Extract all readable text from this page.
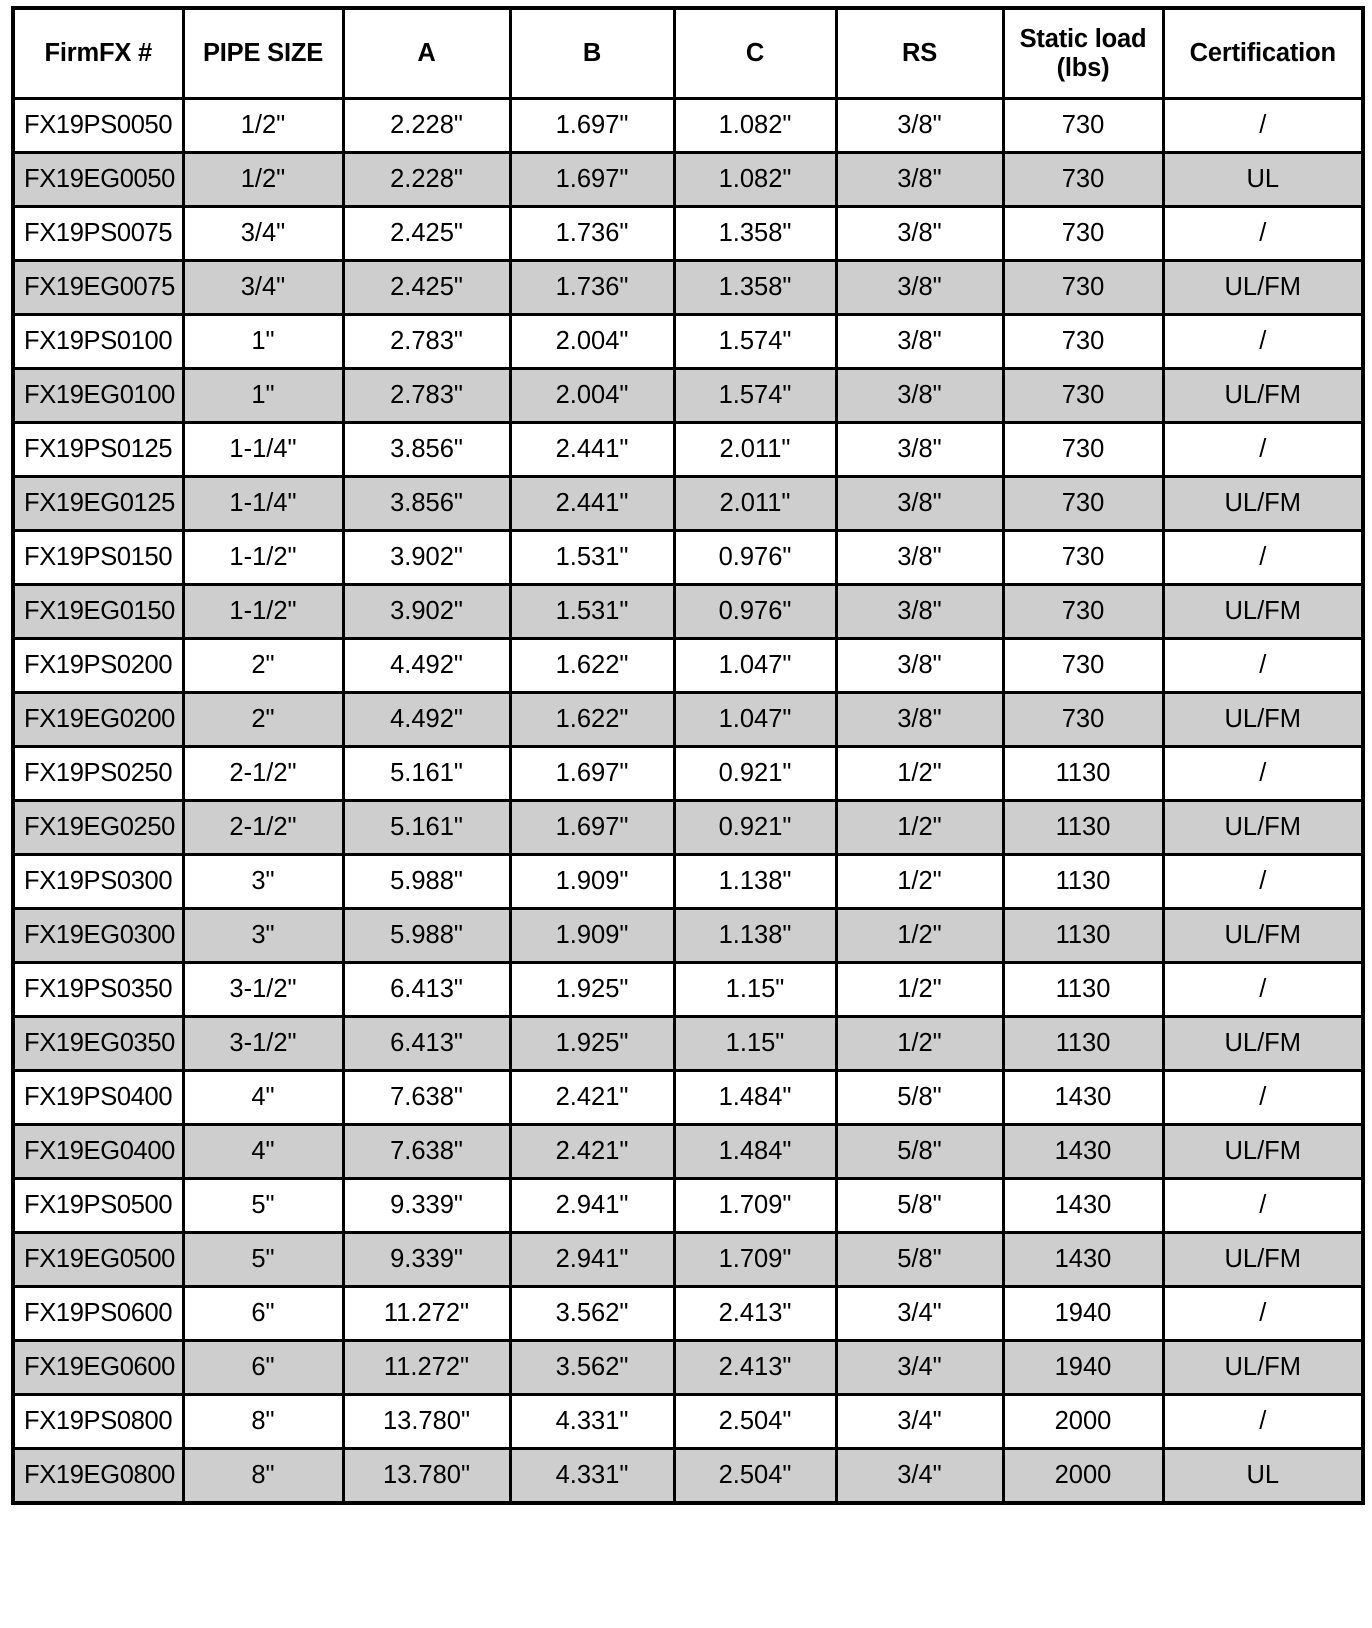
FirmFX #	PIPE SIZE	A	B	C	RS	Static load
(lbs)	Certification
FX19PS0050	1/2"	2.228"	1.697"	1.082"	3/8"	730	/
FX19EG0050	1/2"	2.228"	1.697"	1.082"	3/8"	730	UL
FX19PS0075	3/4"	2.425"	1.736"	1.358"	3/8"	730	/
FX19EG0075	3/4"	2.425"	1.736"	1.358"	3/8"	730	UL/FM
FX19PS0100	1"	2.783"	2.004"	1.574"	3/8"	730	/
FX19EG0100	1"	2.783"	2.004"	1.574"	3/8"	730	UL/FM
FX19PS0125	1-1/4"	3.856"	2.441"	2.011"	3/8"	730	/
FX19EG0125	1-1/4"	3.856"	2.441"	2.011"	3/8"	730	UL/FM
FX19PS0150	1-1/2"	3.902"	1.531"	0.976"	3/8"	730	/
FX19EG0150	1-1/2"	3.902"	1.531"	0.976"	3/8"	730	UL/FM
FX19PS0200	2"	4.492"	1.622"	1.047"	3/8"	730	/
FX19EG0200	2"	4.492"	1.622"	1.047"	3/8"	730	UL/FM
FX19PS0250	2-1/2"	5.161"	1.697"	0.921"	1/2"	1130	/
FX19EG0250	2-1/2"	5.161"	1.697"	0.921"	1/2"	1130	UL/FM
FX19PS0300	3"	5.988"	1.909"	1.138"	1/2"	1130	/
FX19EG0300	3"	5.988"	1.909"	1.138"	1/2"	1130	UL/FM
FX19PS0350	3-1/2"	6.413"	1.925"	1.15"	1/2"	1130	/
FX19EG0350	3-1/2"	6.413"	1.925"	1.15"	1/2"	1130	UL/FM
FX19PS0400	4"	7.638"	2.421"	1.484"	5/8"	1430	/
FX19EG0400	4"	7.638"	2.421"	1.484"	5/8"	1430	UL/FM
FX19PS0500	5"	9.339"	2.941"	1.709"	5/8"	1430	/
FX19EG0500	5"	9.339"	2.941"	1.709"	5/8"	1430	UL/FM
FX19PS0600	6"	11.272"	3.562"	2.413"	3/4"	1940	/
FX19EG0600	6"	11.272"	3.562"	2.413"	3/4"	1940	UL/FM
FX19PS0800	8"	13.780"	4.331"	2.504"	3/4"	2000	/
FX19EG0800	8"	13.780"	4.331"	2.504"	3/4"	2000	UL
